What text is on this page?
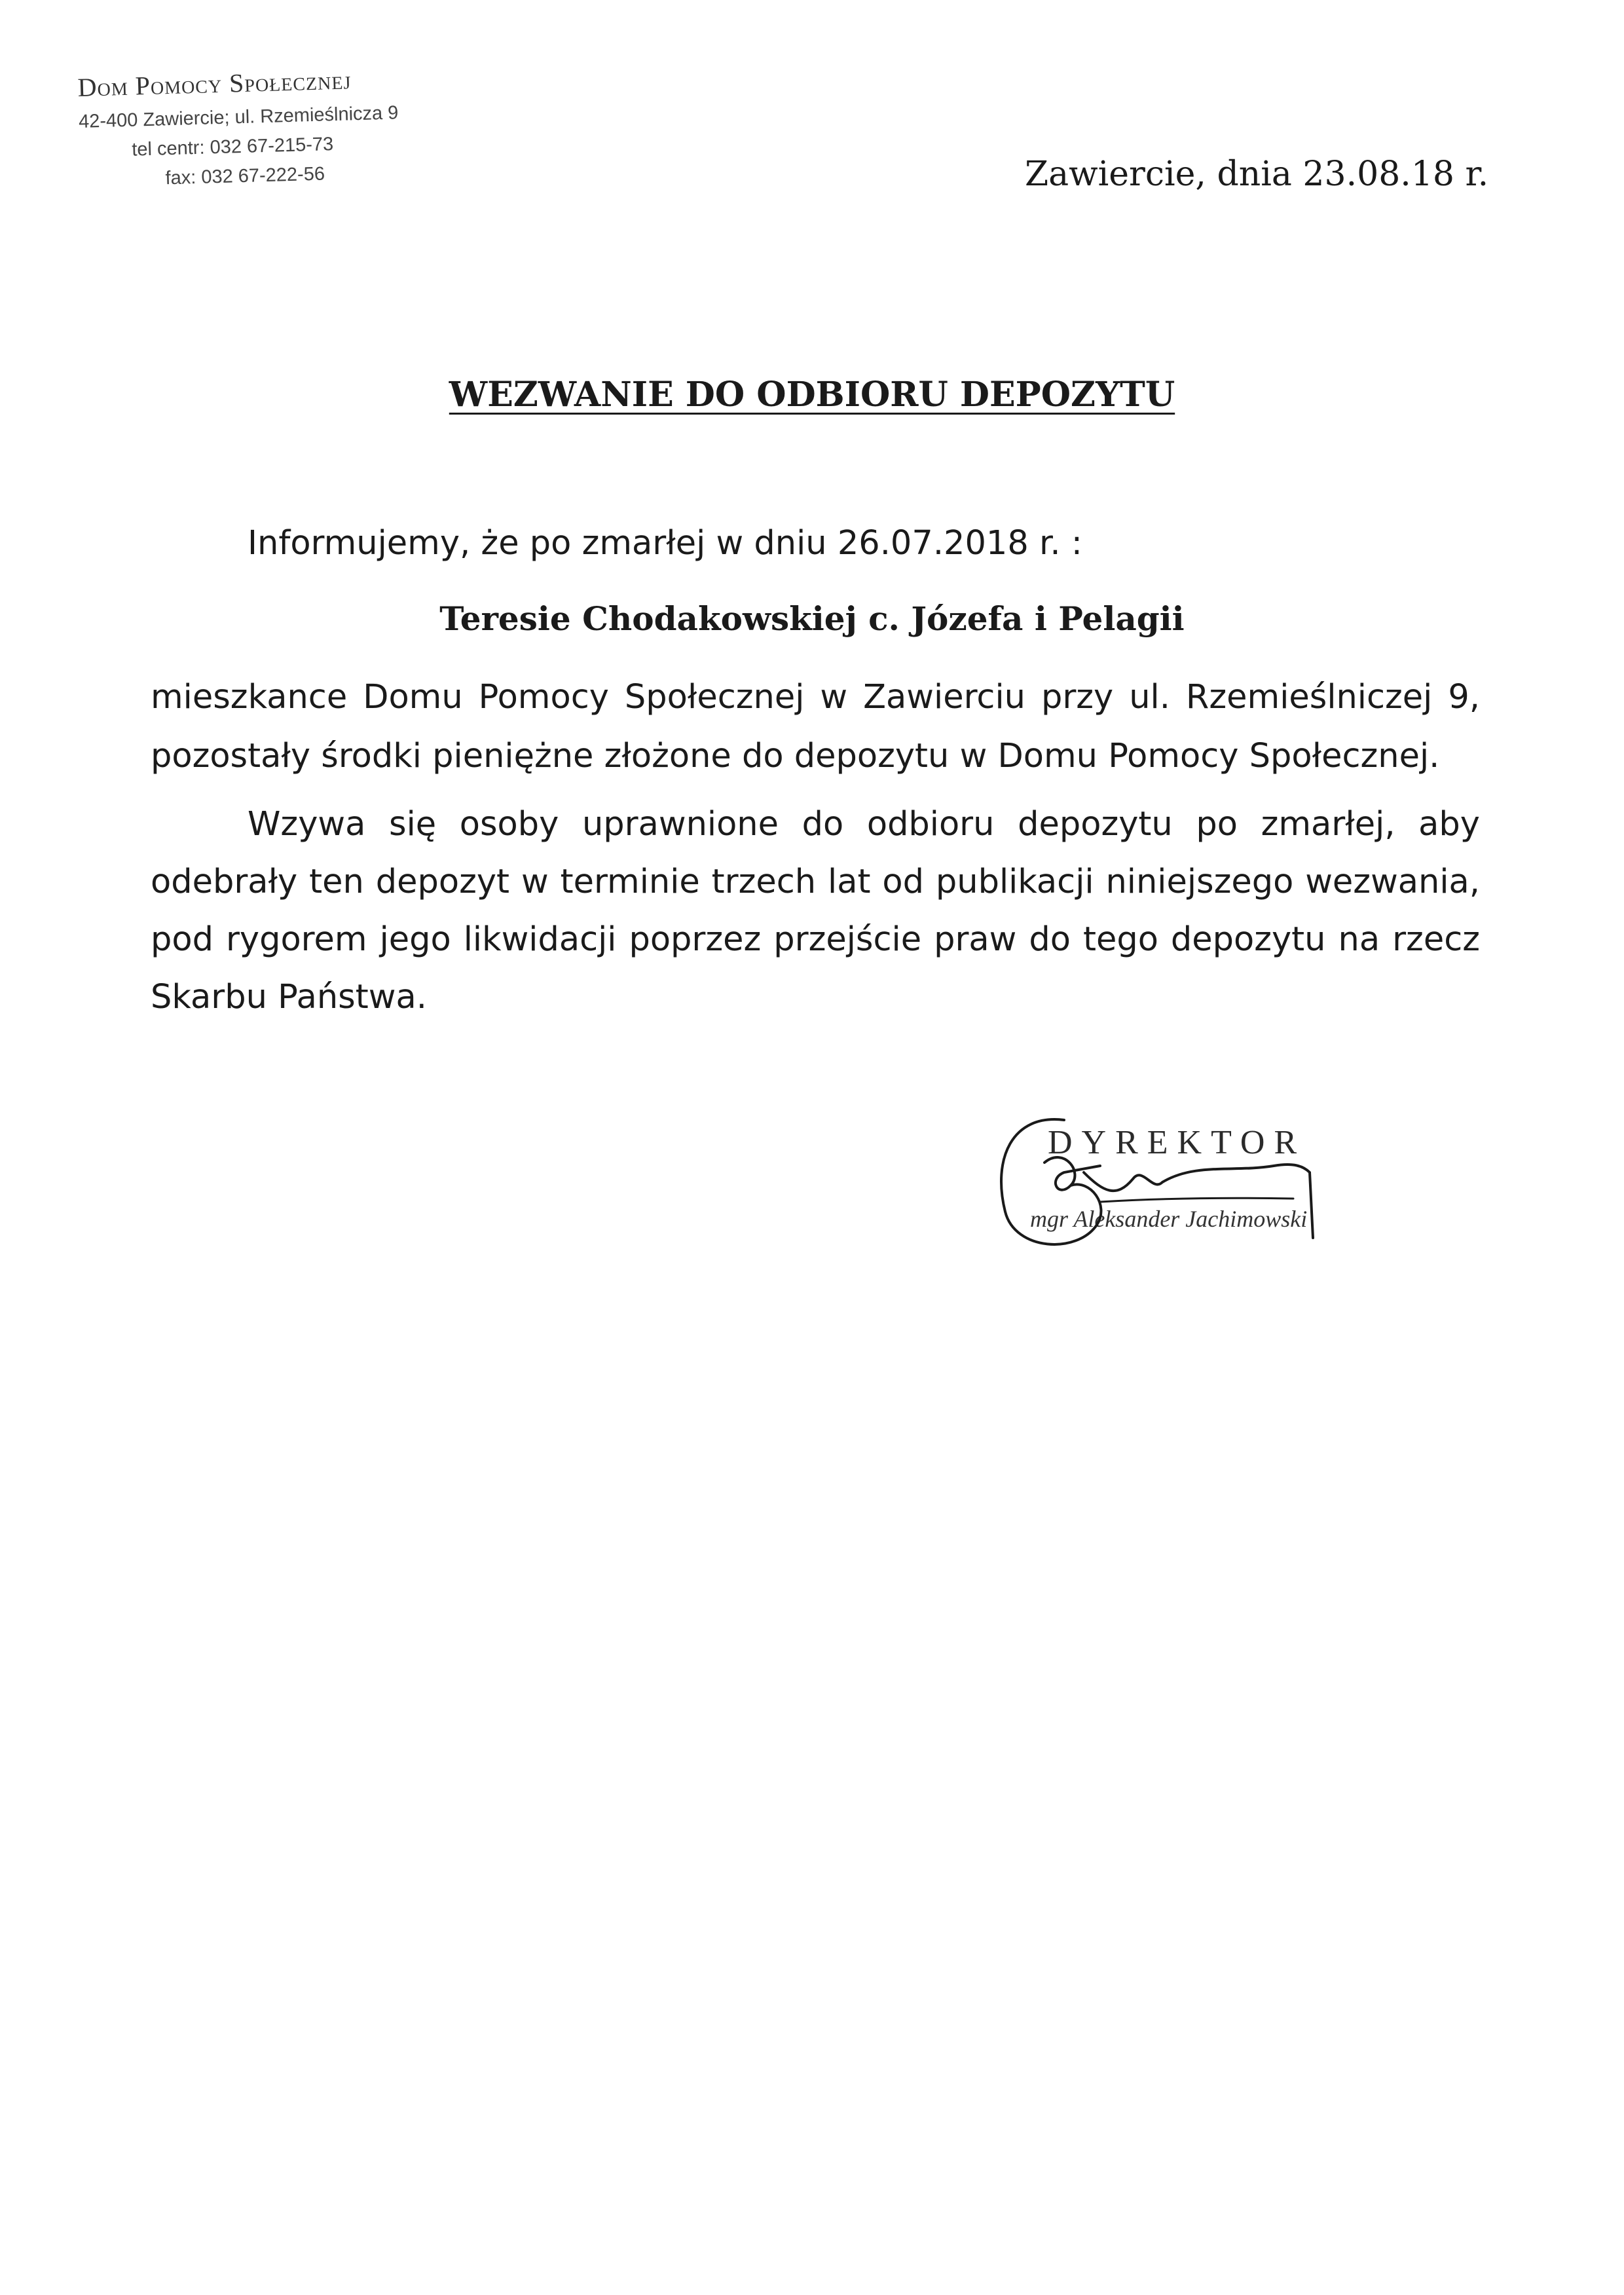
Dom Pomocy Społecznej
42-400 Zawiercie; ul. Rzemieślnicza 9
tel centr: 032 67-215-73
fax: 032 67-222-56	Zawiercie, dnia 23.08.18 r.
WEZWANIE DO ODBIORU DEPOZYTU
Informujemy, że po zmarłej w dniu 26.07.2018 r. :
Teresie Chodakowskiej c. Józefa i Pelagii
mieszkance Domu Pomocy Społecznej w Zawierciu przy ul. Rzemieślniczej 9, pozostały środki pieniężne złożone do depozytu w Domu Pomocy Społecznej.
Wzywa się osoby uprawnione do odbioru depozytu po zmarłej, aby odebrały ten depozyt w terminie trzech lat od publikacji niniejszego wezwania, pod rygorem jego likwidacji poprzez przejście praw do tego depozytu na rzecz Skarbu Państwa.
DYREKTOR
mgr Aleksander Jachimowski
